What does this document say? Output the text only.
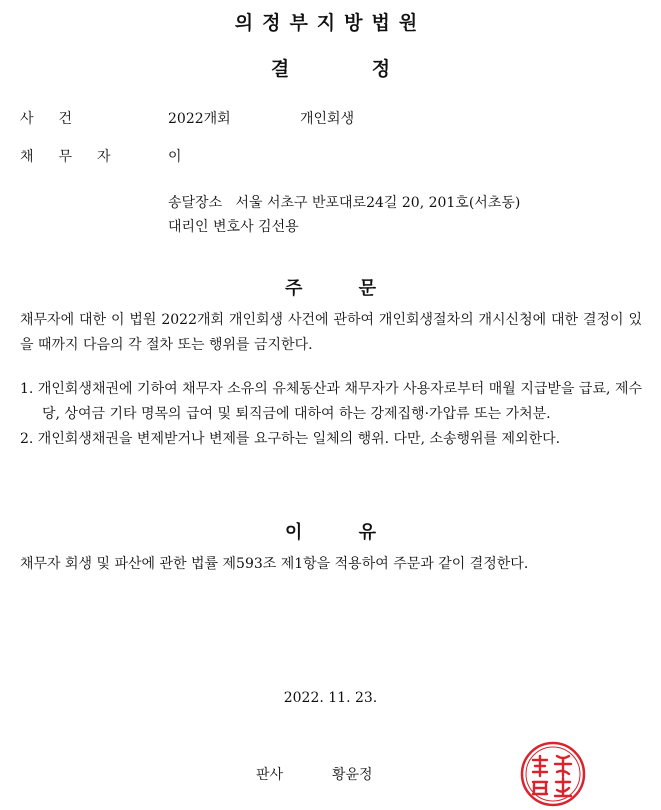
의정부지방법원
결 정
사건	2022개회	개인회생
채무자 이
송달장소 서울 서초구 반포대로24길 20, 201호(서초동)
대리인 변호사 김선용
주 문
채무자에 대한 이 법원 2022개회 개인회생 사건에 관하여 개인회생절차의 개시신청에 대한 결정이 있을 때까지 다음의 각 절차 또는 행위를 금지한다.
1. 개인회생채권에 기하여 채무자 소유의 유체동산과 채무자가 사용자로부터 매월 지급받을 급료, 제수당, 상여금 기타 명목의 급여 및 퇴직금에 대하여 하는 강제집행·가압류 또는 가처분.
2. 개인회생채권을 변제받거나 변제를 요구하는 일체의 행위. 다만, 소송행위를 제외한다.
이 유
채무자 회생 및 파산에 관한 법률 제593조 제1항을 적용하여 주문과 같이 결정한다.
2022. 11. 23.
판사	황윤정
